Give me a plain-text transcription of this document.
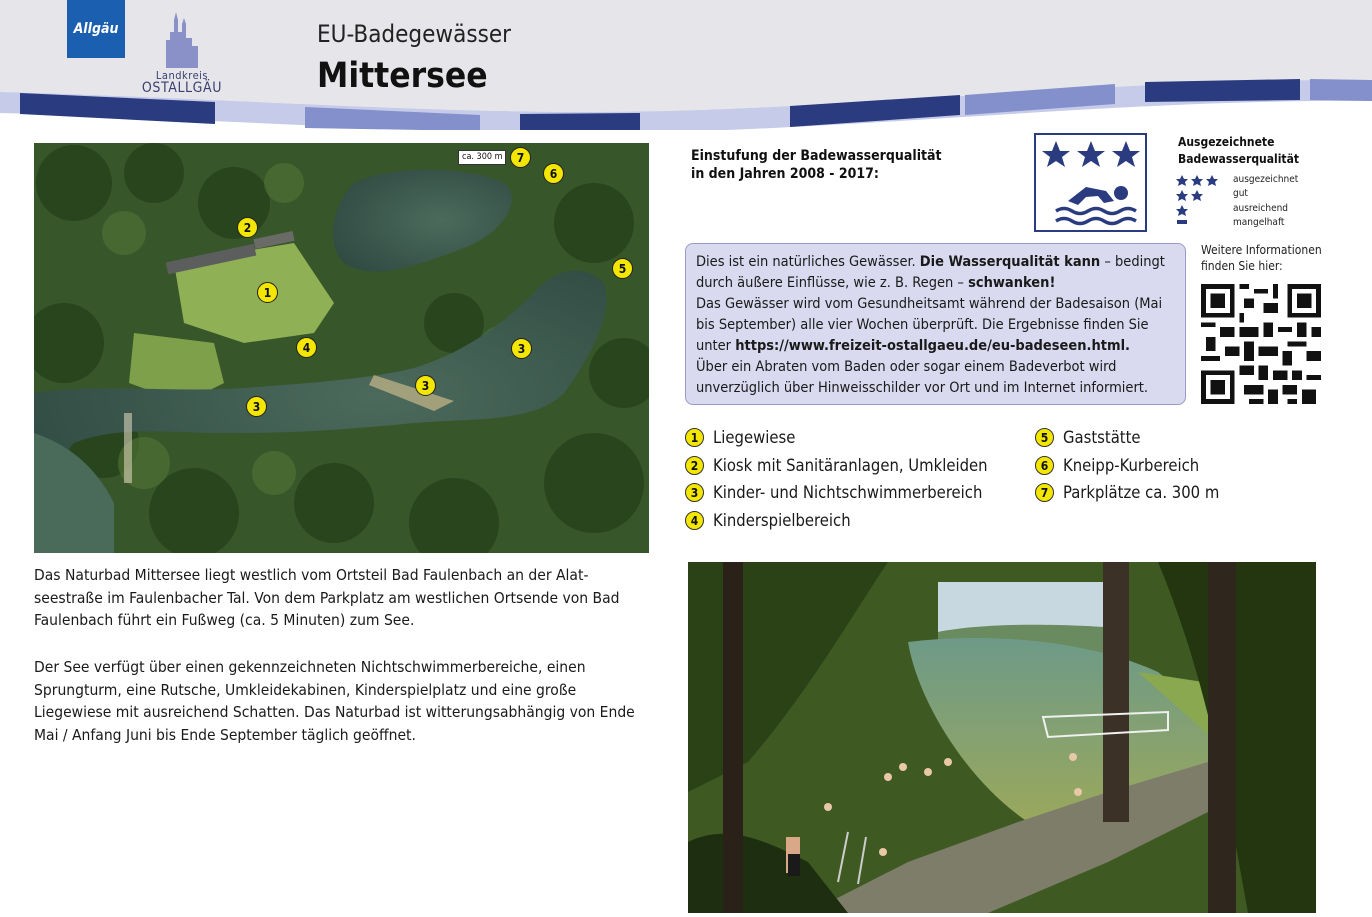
Allgäu
Landkreis
OSTALLGÄU
EU-Badegewässer
Mittersee
ca. 300 m	7
6
5
2
1
4	3
3
3
Das Naturbad Mittersee liegt westlich vom Ortsteil Bad Faulenbach an der Alat-seestraße im Faulenbacher Tal. Von dem Parkplatz am westlichen Ortsende von Bad Faulenbach führt ein Fußweg (ca. 5 Minuten) zum See.
Der See verfügt über einen gekennzeichneten Nichtschwimmerbereiche, einen Sprungturm, eine Rutsche, Umkleidekabinen, Kinderspielplatz und eine große Liegewiese mit ausreichend Schatten. Das Naturbad ist witterungsabhängig von Ende Mai / Anfang Juni bis Ende September täglich geöffnet.
Einstufung der Badewasserqualität
in den Jahren 2008 - 2017:
Ausgezeichnete
Badewasserqualität
ausgezeichnet
gut
ausreichend
mangelhaft
Dies ist ein natürliches Gewässer. Die Wasserqualität kann – bedingt durch äußere Einflüsse, wie z. B. Regen – schwanken!
Das Gewässer wird vom Gesundheitsamt während der Badesaison (Mai bis September) alle vier Wochen überprüft. Die Ergebnisse finden Sie unter https://www.freizeit-ostallgaeu.de/eu-badeseen.html.
Über ein Abraten vom Baden oder sogar einem Badeverbot wird unverzüglich über Hinweisschilder vor Ort und im Internet informiert.
Weitere Informationen
finden Sie hier:
1 Liegewiese
2 Kiosk mit Sanitäranlagen, Umkleiden
3 Kinder- und Nichtschwimmerbereich
4 Kinderspielbereich
5 Gaststätte
6 Kneipp-Kurbereich
7 Parkplätze ca. 300 m
